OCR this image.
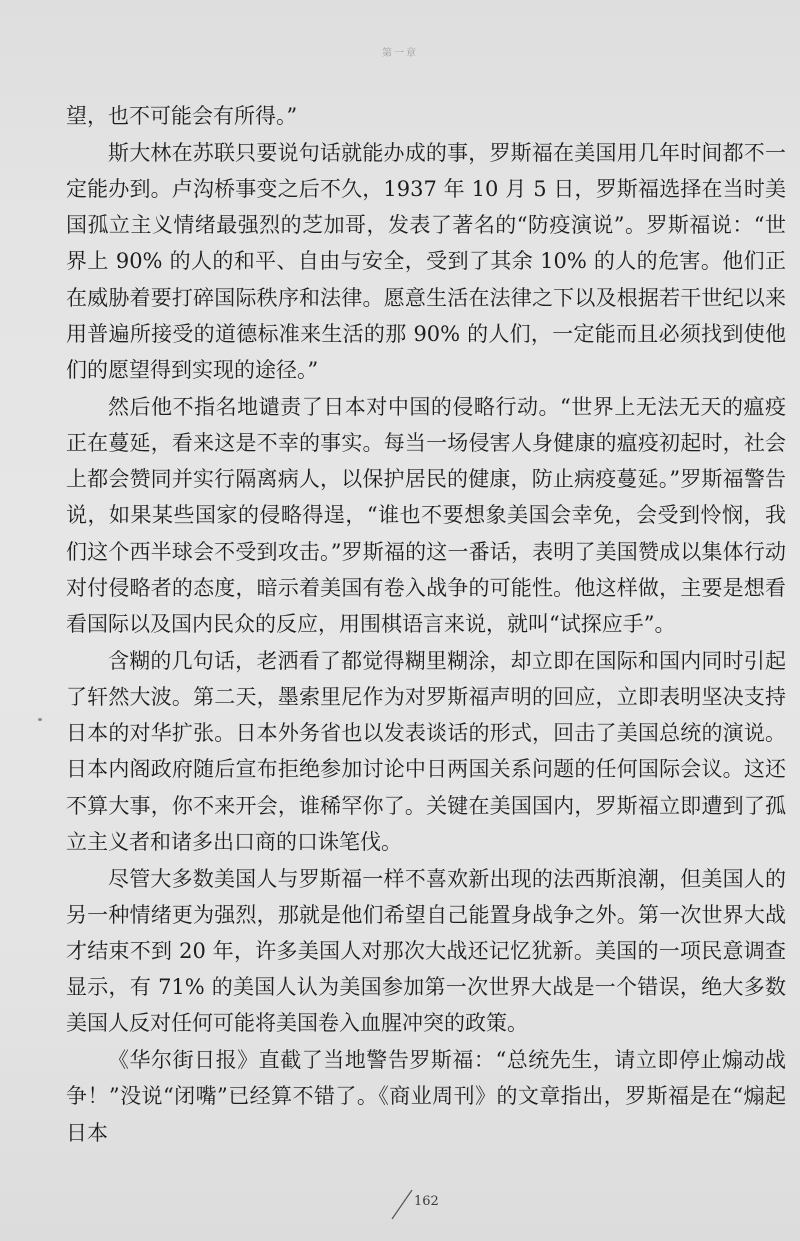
第一章

望，也不可能会有所得。”

斯大林在苏联只要说句话就能办成的事，罗斯福在美国用几年时间都不一定能办到。卢沟桥事变之后不久，1937 年 10 月 5 日，罗斯福选择在当时美国孤立主义情绪最强烈的芝加哥，发表了著名的“防疫演说”。罗斯福说：“世界上 90% 的人的和平、自由与安全，受到了其余 10% 的人的危害。他们正在威胁着要打碎国际秩序和法律。愿意生活在法律之下以及根据若干世纪以来用普遍所接受的道德标准来生活的那 90% 的人们，一定能而且必须找到使他们的愿望得到实现的途径。”

然后他不指名地谴责了日本对中国的侵略行动。“世界上无法无天的瘟疫正在蔓延，看来这是不幸的事实。每当一场侵害人身健康的瘟疫初起时，社会上都会赞同并实行隔离病人，以保护居民的健康，防止病疫蔓延。”罗斯福警告说，如果某些国家的侵略得逞，“谁也不要想象美国会幸免，会受到怜悯，我们这个西半球会不受到攻击。”罗斯福的这一番话，表明了美国赞成以集体行动对付侵略者的态度，暗示着美国有卷入战争的可能性。他这样做，主要是想看看国际以及国内民众的反应，用围棋语言来说，就叫“试探应手”。

含糊的几句话，老洒看了都觉得糊里糊涂，却立即在国际和国内同时引起了轩然大波。第二天，墨索里尼作为对罗斯福声明的回应，立即表明坚决支持日本的对华扩张。日本外务省也以发表谈话的形式，回击了美国总统的演说。日本内阁政府随后宣布拒绝参加讨论中日两国关系问题的任何国际会议。这还不算大事，你不来开会，谁稀罕你了。关键在美国国内，罗斯福立即遭到了孤立主义者和诸多出口商的口诛笔伐。

尽管大多数美国人与罗斯福一样不喜欢新出现的法西斯浪潮，但美国人的另一种情绪更为强烈，那就是他们希望自己能置身战争之外。第一次世界大战才结束不到 20 年，许多美国人对那次大战还记忆犹新。美国的一项民意调查显示，有 71% 的美国人认为美国参加第一次世界大战是一个错误，绝大多数美国人反对任何可能将美国卷入血腥冲突的政策。

《华尔街日报》直截了当地警告罗斯福：“总统先生，请立即停止煽动战争！”没说“闭嘴”已经算不错了。《商业周刊》的文章指出，罗斯福是在“煽起日本

162
